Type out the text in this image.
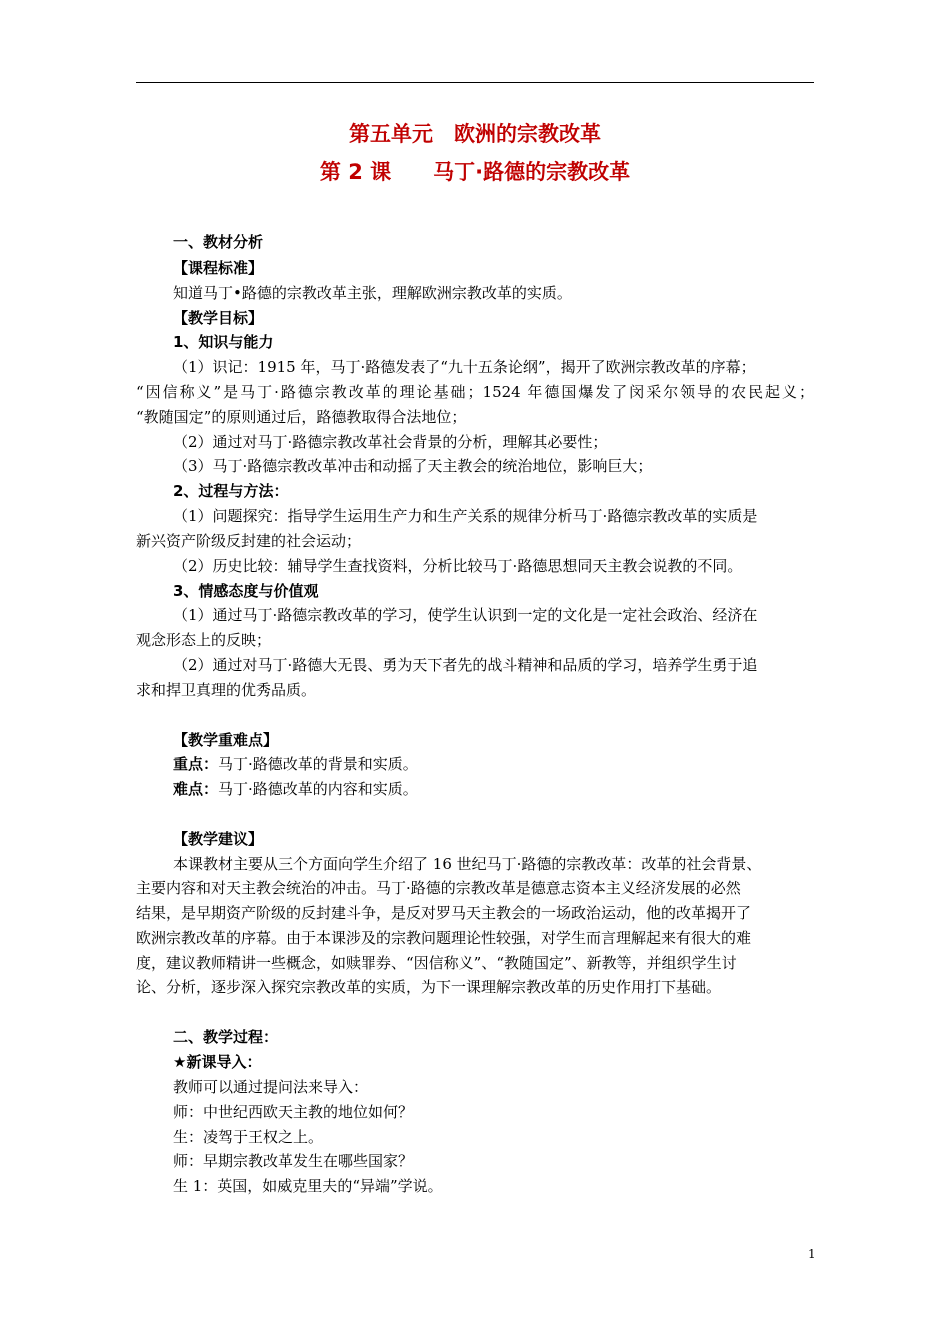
第五单元　欧洲的宗教改革
第 2 课　　马丁·路德的宗教改革
一、教材分析
【课程标准】
知道马丁•路德的宗教改革主张，理解欧洲宗教改革的实质。
【教学目标】
1、知识与能力
（1）识记：1915 年，马丁·路德发表了“九十五条论纲”，揭开了欧洲宗教改革的序幕；
“因信称义”是马丁·路德宗教改革的理论基础；1524 年德国爆发了闵采尔领导的农民起义；
“教随国定”的原则通过后，路德教取得合法地位；
（2）通过对马丁·路德宗教改革社会背景的分析，理解其必要性；
（3）马丁·路德宗教改革冲击和动摇了天主教会的统治地位，影响巨大；
2、过程与方法：
（1）问题探究：指导学生运用生产力和生产关系的规律分析马丁·路德宗教改革的实质是
新兴资产阶级反封建的社会运动；
（2）历史比较：辅导学生查找资料，分析比较马丁·路德思想同天主教会说教的不同。
3、情感态度与价值观
（1）通过马丁·路德宗教改革的学习，使学生认识到一定的文化是一定社会政治、经济在
观念形态上的反映；
（2）通过对马丁·路德大无畏、勇为天下者先的战斗精神和品质的学习，培养学生勇于追
求和捍卫真理的优秀品质。
【教学重难点】
重点：马丁·路德改革的背景和实质。
难点：马丁·路德改革的内容和实质。
【教学建议】
本课教材主要从三个方面向学生介绍了 16 世纪马丁·路德的宗教改革：改革的社会背景、
主要内容和对天主教会统治的冲击。马丁·路德的宗教改革是德意志资本主义经济发展的必然
结果，是早期资产阶级的反封建斗争，是反对罗马天主教会的一场政治运动，他的改革揭开了
欧洲宗教改革的序幕。由于本课涉及的宗教问题理论性较强，对学生而言理解起来有很大的难
度，建议教师精讲一些概念，如赎罪券、“因信称义”、“教随国定”、新教等，并组织学生讨
论、分析，逐步深入探究宗教改革的实质，为下一课理解宗教改革的历史作用打下基础。
二、教学过程：
★新课导入：
教师可以通过提问法来导入：
师：中世纪西欧天主教的地位如何？
生：凌驾于王权之上。
师：早期宗教改革发生在哪些国家？
生 1：英国，如威克里夫的“异端”学说。
1
